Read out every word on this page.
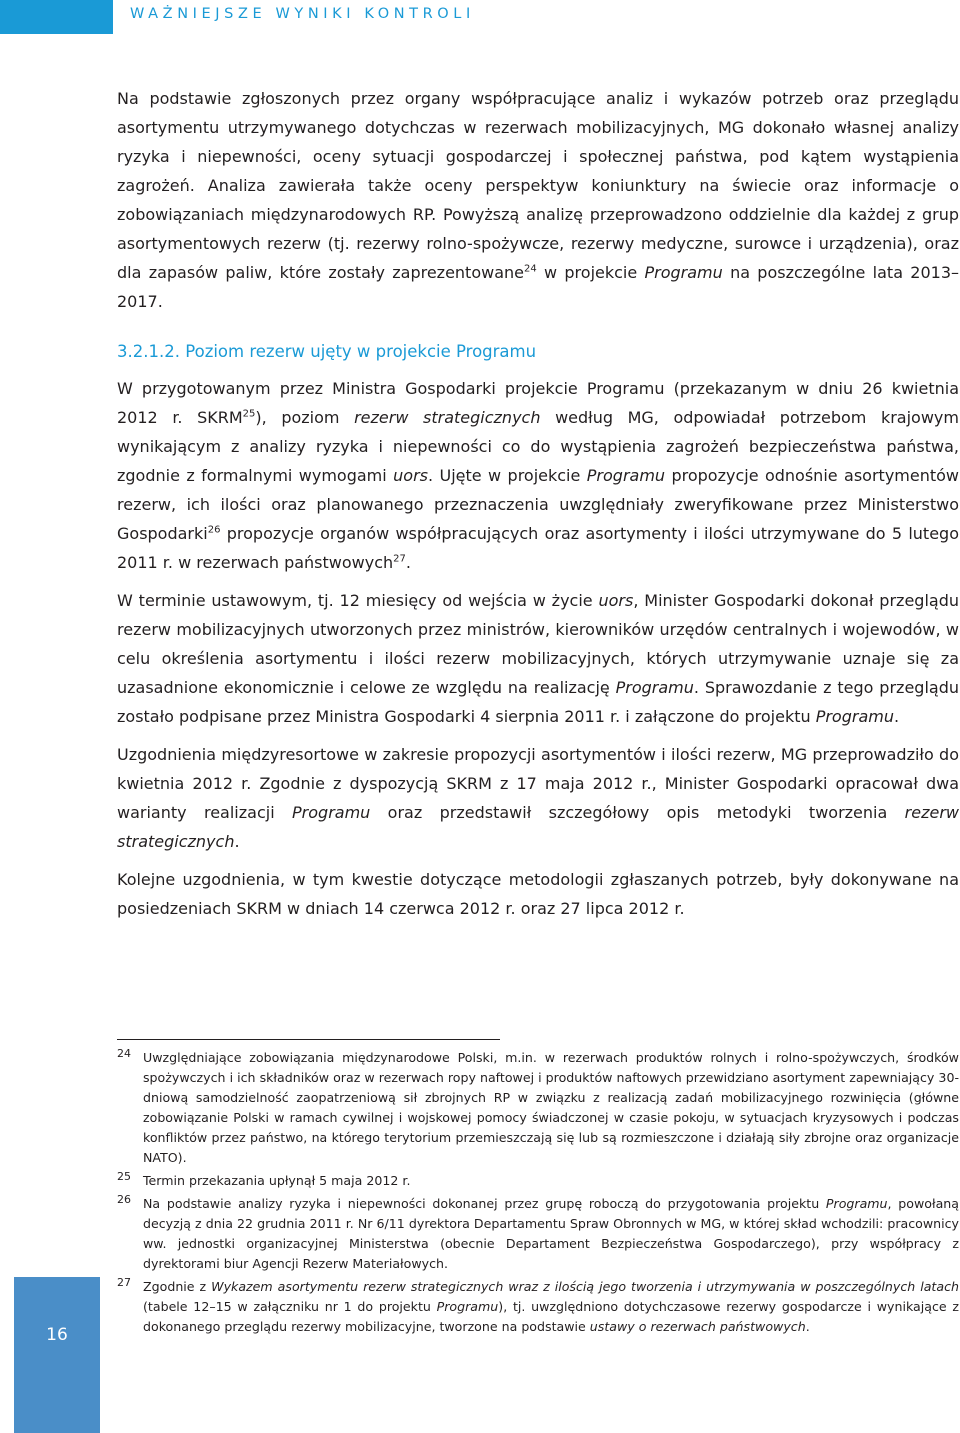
WAŻNIEJSZE WYNIKI KONTROLI

Na podstawie zgłoszonych przez organy współpracujące analiz i wykazów potrzeb oraz przeglądu asortymentu utrzymywanego dotychczas w rezerwach mobilizacyjnych, MG dokonało własnej analizy ryzyka i niepewności, oceny sytuacji gospodarczej i społecznej państwa, pod kątem wystąpienia zagrożeń. Analiza zawierała także oceny perspektyw koniunktury na świecie oraz informacje o zobowiązaniach międzynarodowych RP. Powyższą analizę przeprowadzono oddzielnie dla każdej z grup asortymentowych rezerw (tj. rezerwy rolno-spożywcze, rezerwy medyczne, surowce i urządzenia), oraz dla zapasów paliw, które zostały zaprezentowane$^{24}$ w projekcie Programu na poszczególne lata 2013–2017.

3.2.1.2. Poziom rezerw ujęty w projekcie Programu

W przygotowanym przez Ministra Gospodarki projekcie Programu (przekazanym w dniu 26 kwietnia 2012 r. SKRM$^{25}$), poziom rezerw strategicznych według MG, odpowiadał potrzebom krajowym wynikającym z analizy ryzyka i niepewności co do wystąpienia zagrożeń bezpieczeństwa państwa, zgodnie z formalnymi wymogami uors. Ujęte w projekcie Programu propozycje odnośnie asortymentów rezerw, ich ilości oraz planowanego przeznaczenia uwzględniały zweryfikowane przez Ministerstwo Gospodarki$^{26}$ propozycje organów współpracujących oraz asortymenty i ilości utrzymywane do 5 lutego 2011 r. w rezerwach państwowych$^{27}$.

W terminie ustawowym, tj. 12 miesięcy od wejścia w życie uors, Minister Gospodarki dokonał przeglądu rezerw mobilizacyjnych utworzonych przez ministrów, kierowników urzędów centralnych i wojewodów, w celu określenia asortymentu i ilości rezerw mobilizacyjnych, których utrzymywanie uznaje się za uzasadnione ekonomicznie i celowe ze względu na realizację Programu. Sprawozdanie z tego przeglądu zostało podpisane przez Ministra Gospodarki 4 sierpnia 2011 r. i załączone do projektu Programu.

Uzgodnienia międzyresortowe w zakresie propozycji asortymentów i ilości rezerw, MG przeprowadziło do kwietnia 2012 r. Zgodnie z dyspozycją SKRM z 17 maja 2012 r., Minister Gospodarki opracował dwa warianty realizacji Programu oraz przedstawił szczegółowy opis metodyki tworzenia rezerw strategicznych.

Kolejne uzgodnienia, w tym kwestie dotyczące metodologii zgłaszanych potrzeb, były dokonywane na posiedzeniach SKRM w dniach 14 czerwca 2012 r. oraz 27 lipca 2012 r.

24 Uwzględniające zobowiązania międzynarodowe Polski, m.in. w rezerwach produktów rolnych i rolno-spożywczych, środków spożywczych i ich składników oraz w rezerwach ropy naftowej i produktów naftowych przewidziano asortyment zapewniający 30-dniową samodzielność zaopatrzeniową sił zbrojnych RP w związku z realizacją zadań mobilizacyjnego rozwinięcia (główne zobowiązanie Polski w ramach cywilnej i wojskowej pomocy świadczonej w czasie pokoju, w sytuacjach kryzysowych i podczas konfliktów przez państwo, na którego terytorium przemieszczają się lub są rozmieszczone i działają siły zbrojne oraz organizacje NATO).
25 Termin przekazania upłynął 5 maja 2012 r.
26 Na podstawie analizy ryzyka i niepewności dokonanej przez grupę roboczą do przygotowania projektu Programu, powołaną decyzją z dnia 22 grudnia 2011 r. Nr 6/11 dyrektora Departamentu Spraw Obronnych w MG, w której skład wchodzili: pracownicy ww. jednostki organizacyjnej Ministerstwa (obecnie Departament Bezpieczeństwa Gospodarczego), przy współpracy z dyrektorami biur Agencji Rezerw Materiałowych.
27 Zgodnie z Wykazem asortymentu rezerw strategicznych wraz z ilością jego tworzenia i utrzymywania w poszczególnych latach (tabele 12–15 w załączniku nr 1 do projektu Programu), tj. uwzględniono dotychczasowe rezerwy gospodarcze i wynikające z dokonanego przeglądu rezerwy mobilizacyjne, tworzone na podstawie ustawy o rezerwach państwowych.
16
